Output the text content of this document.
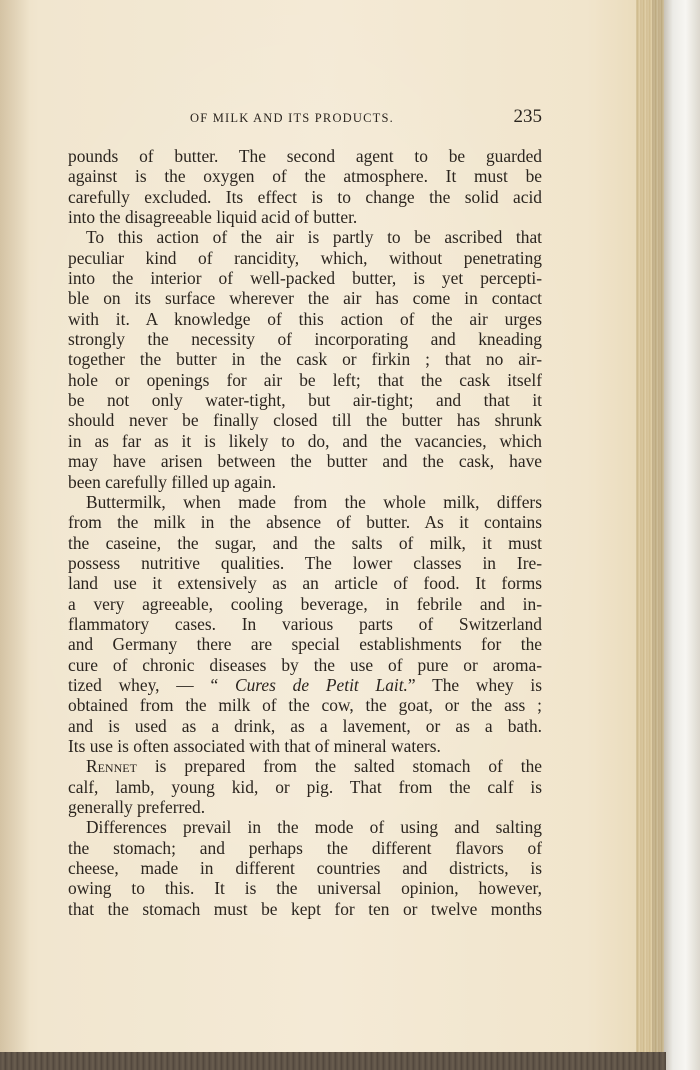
OF MILK AND ITS PRODUCTS.	235
pounds of butter. The second agent to be guarded
against is the oxygen of the atmosphere. It must be
carefully excluded. Its effect is to change the solid acid
into the disagreeable liquid acid of butter.
To this action of the air is partly to be ascribed that
peculiar kind of rancidity, which, without penetrating
into the interior of well-packed butter, is yet percepti-
ble on its surface wherever the air has come in contact
with it. A knowledge of this action of the air urges
strongly the necessity of incorporating and kneading
together the butter in the cask or firkin ; that no air-
hole or openings for air be left; that the cask itself
be not only water-tight, but air-tight; and that it
should never be finally closed till the butter has shrunk
in as far as it is likely to do, and the vacancies, which
may have arisen between the butter and the cask, have
been carefully filled up again.
Buttermilk, when made from the whole milk, differs
from the milk in the absence of butter. As it contains
the caseine, the sugar, and the salts of milk, it must
possess nutritive qualities. The lower classes in Ire-
land use it extensively as an article of food. It forms
a very agreeable, cooling beverage, in febrile and in-
flammatory cases. In various parts of Switzerland
and Germany there are special establishments for the
cure of chronic diseases by the use of pure or aroma-
tized whey, — “ Cures de Petit Lait.” The whey is
obtained from the milk of the cow, the goat, or the ass ;
and is used as a drink, as a lavement, or as a bath.
Its use is often associated with that of mineral waters.
Rennet is prepared from the salted stomach of the
calf, lamb, young kid, or pig. That from the calf is
generally preferred.
Differences prevail in the mode of using and salting
the stomach; and perhaps the different flavors of
cheese, made in different countries and districts, is
owing to this. It is the universal opinion, however,
that the stomach must be kept for ten or twelve months
